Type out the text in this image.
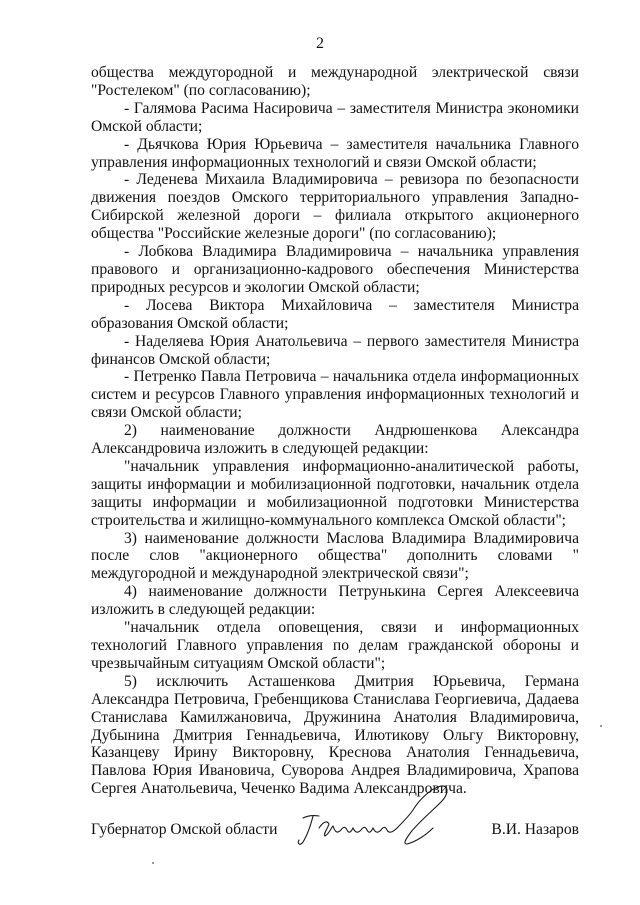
2

общества междугородной и международной электрической связи "Ростелеком" (по согласованию);

- Галямова Расима Насировича – заместителя Министра экономики Омской области;

- Дьячкова Юрия Юрьевича – заместителя начальника Главного управления информационных технологий и связи Омской области;

- Леденева Михаила Владимировича – ревизора по безопасности движения поездов Омского территориального управления Западно-Сибирской железной дороги – филиала открытого акционерного общества "Российские железные дороги" (по согласованию);

- Лобкова Владимира Владимировича – начальника управления правового и организационно-кадрового обеспечения Министерства природных ресурсов и экологии Омской области;

- Лосева Виктора Михайловича – заместителя Министра образования Омской области;

- Наделяева Юрия Анатольевича – первого заместителя Министра финансов Омской области;

- Петренко Павла Петровича – начальника отдела информационных систем и ресурсов Главного управления информационных технологий и связи Омской области;

2) наименование должности Андрюшенкова Александра Александровича изложить в следующей редакции:

"начальник управления информационно-аналитической работы, защиты информации и мобилизационной подготовки, начальник отдела защиты информации и мобилизационной подготовки Министерства строительства и жилищно-коммунального комплекса Омской области";

3) наименование должности Маслова Владимира Владимировича после слов "акционерного общества" дополнить словами " междугородной и международной электрической связи";

4) наименование должности Петрунькина Сергея Алексеевича изложить в следующей редакции:

"начальник отдела оповещения, связи и информационных технологий Главного управления по делам гражданской обороны и чрезвычайным ситуациям Омской области";

5) исключить Асташенкова Дмитрия Юрьевича, Германа Александра Петровича, Гребенщикова Станислава Георгиевича, Дадаева Станислава Камилжановича, Дружинина Анатолия Владимировича, Дубынина Дмитрия Геннадьевича, Илютикову Ольгу Викторовну, Казанцеву Ирину Викторовну, Креснова Анатолия Геннадьевича, Павлова Юрия Ивановича, Суворова Андрея Владимировича, Храпова Сергея Анатольевича, Чеченко Вадима Александровича.

Губернатор Омской области	В.И. Назаров
